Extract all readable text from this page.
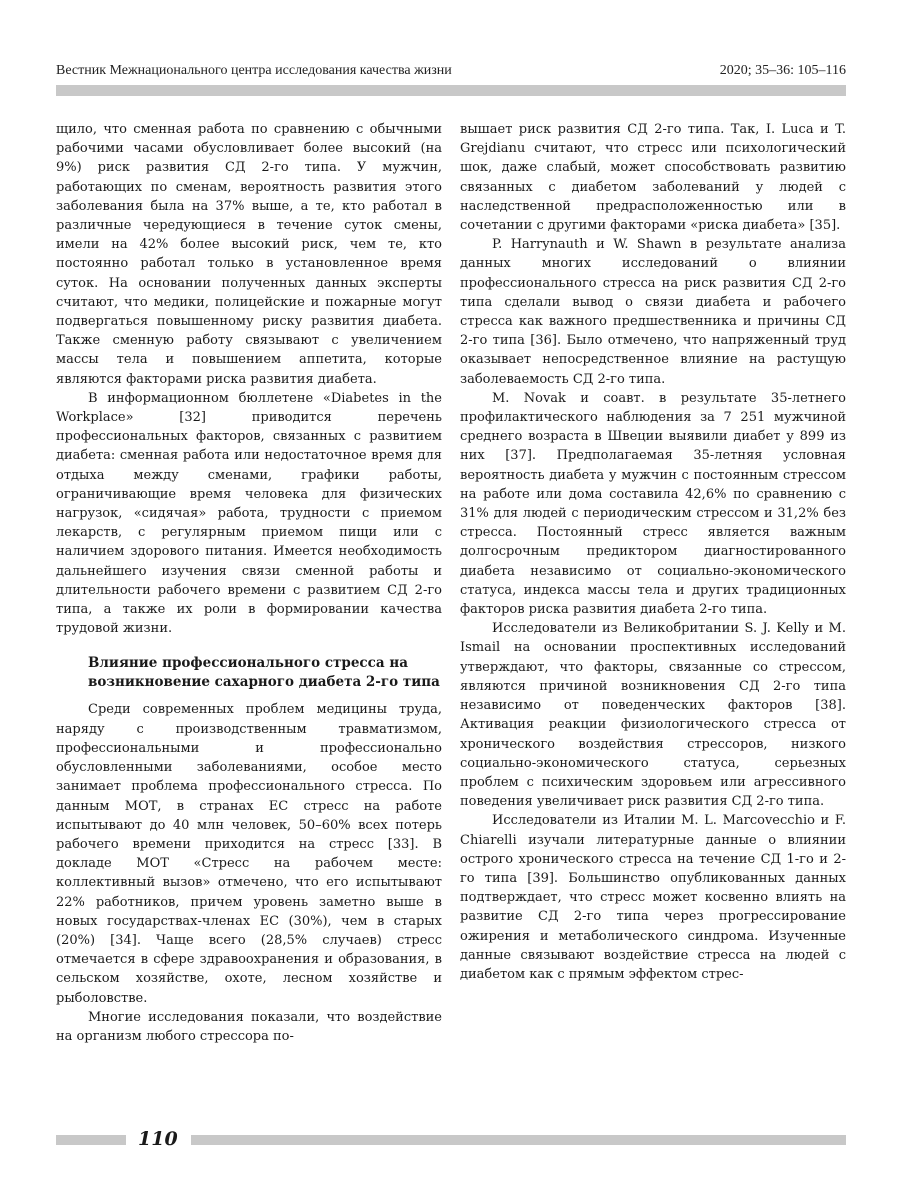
Вестник Межнационального центра исследования качества жизни	2020; 35–36: 105–116

щило, что сменная работа по сравнению с обычными рабочими часами обусловливает более высокий (на 9%) риск развития СД 2-го типа. У мужчин, работающих по сменам, вероятность развития этого заболевания была на 37% выше, а те, кто работал в различные чередующиеся в течение суток смены, имели на 42% более высокий риск, чем те, кто постоянно работал только в установленное время суток. На основании полученных данных эксперты считают, что медики, полицейские и пожарные могут подвергаться повышенному риску развития диабета. Также сменную работу связывают с увеличением массы тела и повышением аппетита, которые являются факторами риска развития диабета.

В информационном бюллетене «Diabetes in the Workplace» [32] приводится перечень профессиональных факторов, связанных с развитием диабета: сменная работа или недостаточное время для отдыха между сменами, графики работы, ограничивающие время человека для физических нагрузок, «сидячая» работа, трудности с приемом лекарств, с регулярным приемом пищи или с наличием здорового питания. Имеется необходимость дальнейшего изучения связи сменной работы и длительности рабочего времени с развитием СД 2-го типа, а также их роли в формировании качества трудовой жизни.

Влияние профессионального стресса на возникновение сахарного диабета 2-го типа

Среди современных проблем медицины труда, наряду с производственным травматизмом, профессиональными и профессионально обусловленными заболеваниями, особое место занимает проблема профессионального стресса. По данным МОТ, в странах ЕС стресс на работе испытывают до 40 млн человек, 50–60% всех потерь рабочего времени приходится на стресс [33]. В докладе МОТ «Стресс на рабочем месте: коллективный вызов» отмечено, что его испытывают 22% работников, причем уровень заметно выше в новых государствах-членах ЕС (30%), чем в старых (20%) [34]. Чаще всего (28,5% случаев) стресс отмечается в сфере здравоохранения и образования, в сельском хозяйстве, охоте, лесном хозяйстве и рыболовстве.

Многие исследования показали, что воздействие на организм любого стрессора по-

вышает риск развития СД 2-го типа. Так, I. Luca и T. Grejdianu считают, что стресс или психологический шок, даже слабый, может способствовать развитию связанных с диабетом заболеваний у людей с наследственной предрасположенностью или в сочетании с другими факторами «риска диабета» [35].

P. Harrynauth и W. Shawn в результате анализа данных многих исследований о влиянии профессионального стресса на риск развития СД 2-го типа сделали вывод о связи диабета и рабочего стресса как важного предшественника и причины СД 2-го типа [36]. Было отмечено, что напряженный труд оказывает непосредственное влияние на растущую заболеваемость СД 2-го типа.

M. Novak и соавт. в результате 35-летнего профилактического наблюдения за 7 251 мужчиной среднего возраста в Швеции выявили диабет у 899 из них [37]. Предполагаемая 35-летняя условная вероятность диабета у мужчин с постоянным стрессом на работе или дома составила 42,6% по сравнению с 31% для людей с периодическим стрессом и 31,2% без стресса. Постоянный стресс является важным долгосрочным предиктором диагностированного диабета независимо от социально-экономического статуса, индекса массы тела и других традиционных факторов риска развития диабета 2-го типа.

Исследователи из Великобритании S. J. Kelly и M. Ismail на основании проспективных исследований утверждают, что факторы, связанные со стрессом, являются причиной возникновения СД 2-го типа независимо от поведенческих факторов [38]. Активация реакции физиологического стресса от хронического воздействия стрессоров, низкого социально-экономического статуса, серьезных проблем с психическим здоровьем или агрессивного поведения увеличивает риск развития СД 2-го типа.

Исследователи из Италии M. L. Marcovecchio и F. Chiarelli изучали литературные данные о влиянии острого хронического стресса на течение СД 1-го и 2-го типа [39]. Большинство опубликованных данных подтверждает, что стресс может косвенно влиять на развитие СД 2-го типа через прогрессирование ожирения и метаболического синдрома. Изученные данные связывают воздействие стресса на людей с диабетом как с прямым эффектом стрес-

110
